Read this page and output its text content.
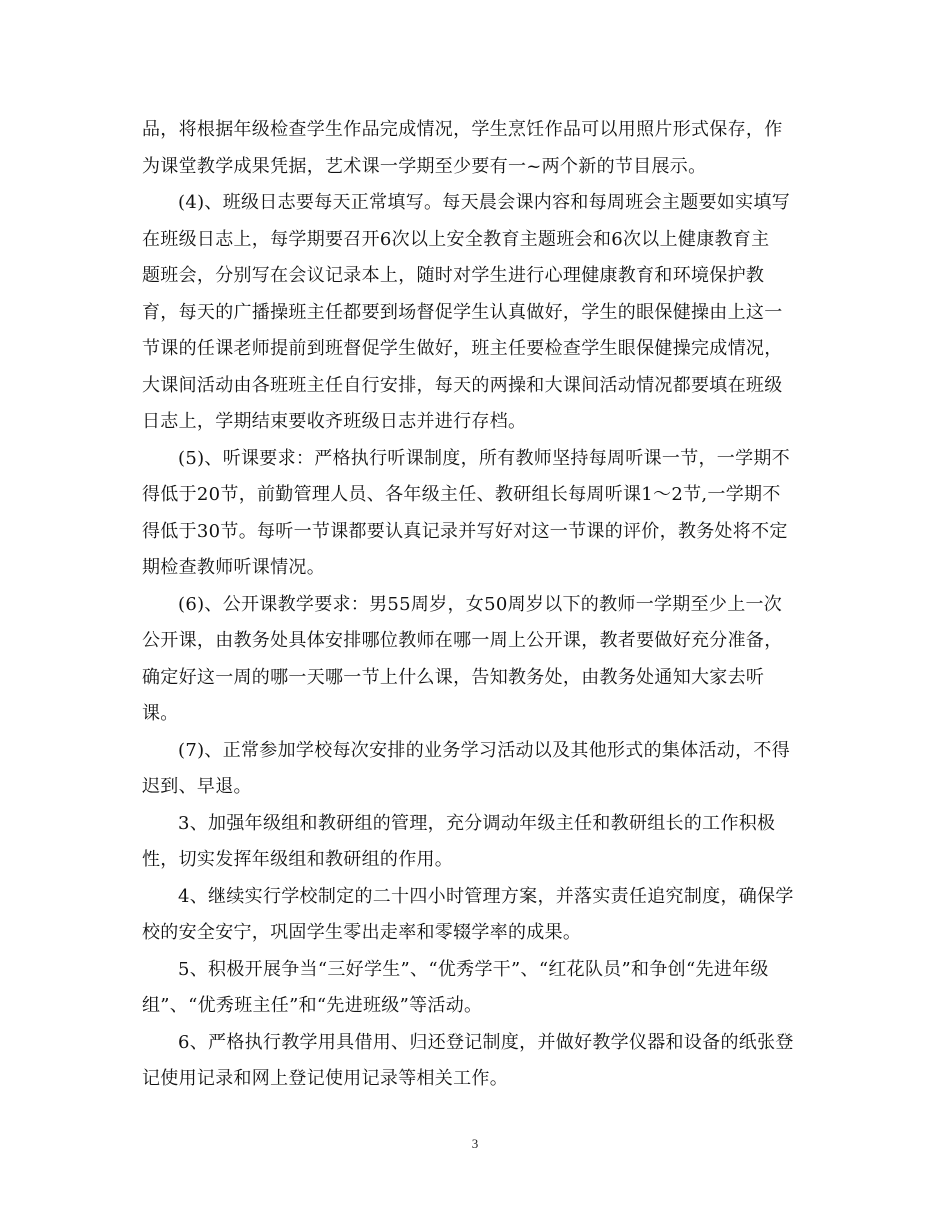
品，将根据年级检查学生作品完成情况，学生烹饪作品可以用照片形式保存，作
为课堂教学成果凭据，艺术课一学期至少要有一~两个新的节目展示。
(4)、班级日志要每天正常填写。每天晨会课内容和每周班会主题要如实填写
在班级日志上，每学期要召开6次以上安全教育主题班会和6次以上健康教育主
题班会，分别写在会议记录本上，随时对学生进行心理健康教育和环境保护教
育，每天的广播操班主任都要到场督促学生认真做好，学生的眼保健操由上这一
节课的任课老师提前到班督促学生做好，班主任要检查学生眼保健操完成情况，
大课间活动由各班班主任自行安排，每天的两操和大课间活动情况都要填在班级
日志上，学期结束要收齐班级日志并进行存档。
(5)、听课要求：严格执行听课制度，所有教师坚持每周听课一节，一学期不
得低于20节，前勤管理人员、各年级主任、教研组长每周听课1～2节,一学期不
得低于30节。每听一节课都要认真记录并写好对这一节课的评价，教务处将不定
期检查教师听课情况。
(6)、公开课教学要求：男55周岁，女50周岁以下的教师一学期至少上一次
公开课，由教务处具体安排哪位教师在哪一周上公开课，教者要做好充分准备，
确定好这一周的哪一天哪一节上什么课，告知教务处，由教务处通知大家去听
课。
(7)、正常参加学校每次安排的业务学习活动以及其他形式的集体活动，不得
迟到、早退。
3、加强年级组和教研组的管理，充分调动年级主任和教研组长的工作积极
性，切实发挥年级组和教研组的作用。
4、继续实行学校制定的二十四小时管理方案，并落实责任追究制度，确保学
校的安全安宁，巩固学生零出走率和零辍学率的成果。
5、积极开展争当“三好学生”、“优秀学干”、“红花队员”和争创“先进年级
组”、“优秀班主任”和“先进班级”等活动。
6、严格执行教学用具借用、归还登记制度，并做好教学仪器和设备的纸张登
记使用记录和网上登记使用记录等相关工作。
3
